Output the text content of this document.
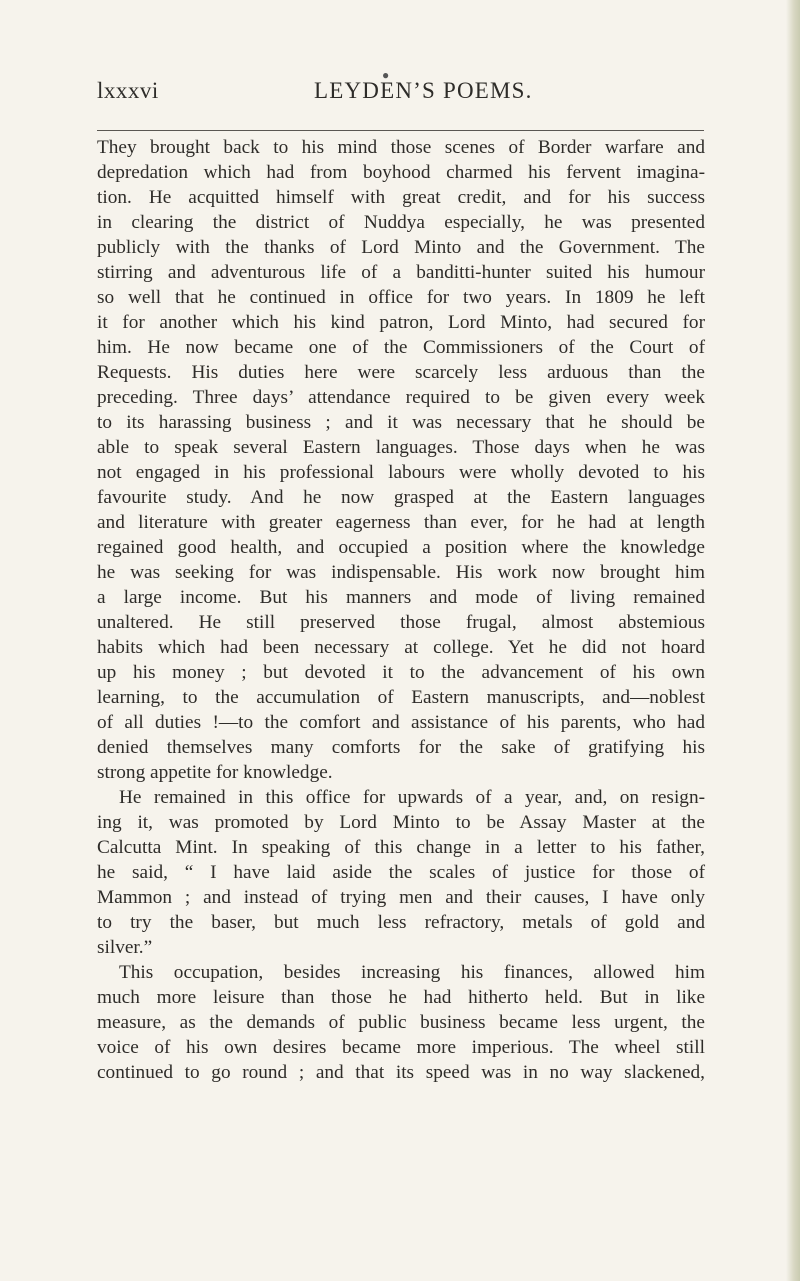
●
lxxxvi	LEYDEN’S POEMS.
They brought back to his mind those scenes of Border warfare and
depredation which had from boyhood charmed his fervent imagina-
tion. He acquitted himself with great credit, and for his success
in clearing the district of Nuddya especially, he was presented
publicly with the thanks of Lord Minto and the Government. The
stirring and adventurous life of a banditti-hunter suited his humour
so well that he continued in office for two years. In 1809 he left
it for another which his kind patron, Lord Minto, had secured for
him. He now became one of the Commissioners of the Court of
Requests. His duties here were scarcely less arduous than the
preceding. Three days’ attendance required to be given every week
to its harassing business ; and it was necessary that he should be
able to speak several Eastern languages. Those days when he was
not engaged in his professional labours were wholly devoted to his
favourite study. And he now grasped at the Eastern languages
and literature with greater eagerness than ever, for he had at length
regained good health, and occupied a position where the knowledge
he was seeking for was indispensable. His work now brought him
a large income. But his manners and mode of living remained
unaltered. He still preserved those frugal, almost abstemious
habits which had been necessary at college. Yet he did not hoard
up his money ; but devoted it to the advancement of his own
learning, to the accumulation of Eastern manuscripts, and—noblest
of all duties !—to the comfort and assistance of his parents, who had
denied themselves many comforts for the sake of gratifying his
strong appetite for knowledge.
He remained in this office for upwards of a year, and, on resign-
ing it, was promoted by Lord Minto to be Assay Master at the
Calcutta Mint. In speaking of this change in a letter to his father,
he said, “ I have laid aside the scales of justice for those of
Mammon ; and instead of trying men and their causes, I have only
to try the baser, but much less refractory, metals of gold and
silver.”
This occupation, besides increasing his finances, allowed him
much more leisure than those he had hitherto held. But in like
measure, as the demands of public business became less urgent, the
voice of his own desires became more imperious. The wheel still
continued to go round ; and that its speed was in no way slackened,
